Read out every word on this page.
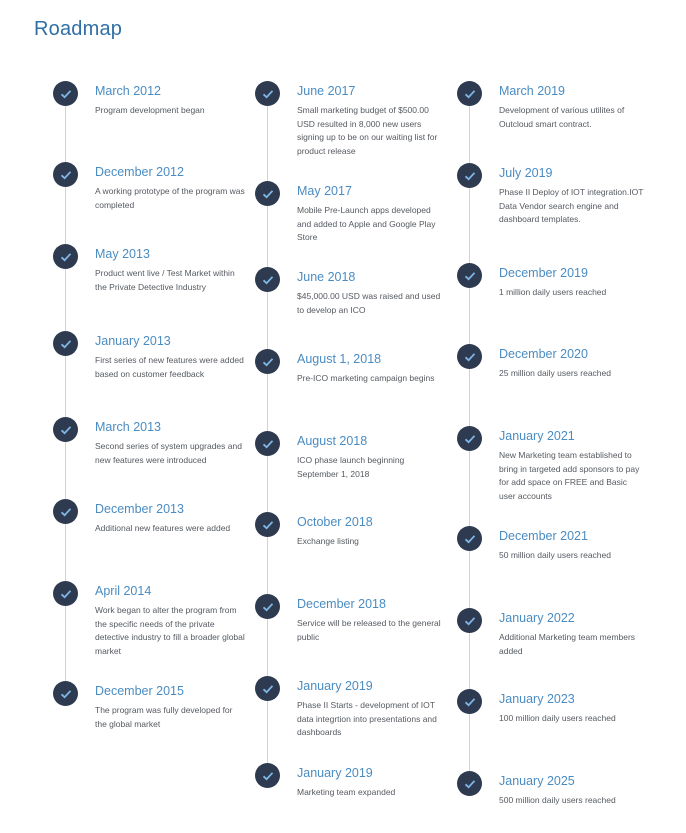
Roadmap
March 2012
Program development began
December 2012
A working prototype of the program was completed
May 2013
Product went live / Test Market within the Private Detective Industry
January 2013
First series of new features were added based on customer feedback
March 2013
Second series of system upgrades and new features were introduced
December 2013
Additional new features were added
April 2014
Work began to alter the program from the specific needs of the private detective industry to fill a broader global market
December 2015
The program was fully developed for the global market
June 2017
Small marketing budget of $500.00 USD resulted in 8,000 new users signing up to be on our waiting list for product release
May 2017
Mobile Pre-Launch apps developed and added to Apple and Google Play Store
June 2018
$45,000.00 USD was raised and used to develop an ICO
August 1, 2018
Pre-ICO marketing campaign begins
August 2018
ICO phase launch beginning September 1, 2018
October 2018
Exchange listing
December 2018
Service will be released to the general public
January 2019
Phase II Starts - development of IOT data integrtion into presentations and dashboards
January 2019
Marketing team expanded
March 2019
Development of various utilites of Outcloud smart contract.
July 2019
Phase II Deploy of IOT integration.IOT
Data Vendor search engine and dashboard templates.
December 2019
1 million daily users reached
December 2020
25 million daily users reached
January 2021
New Marketing team established to bring in targeted add sponsors to pay for add space on FREE and Basic user accounts
December 2021
50 million daily users reached
January 2022
Additional Marketing team members added
January 2023
100 million daily users reached
January 2025
500 million daily users reached
